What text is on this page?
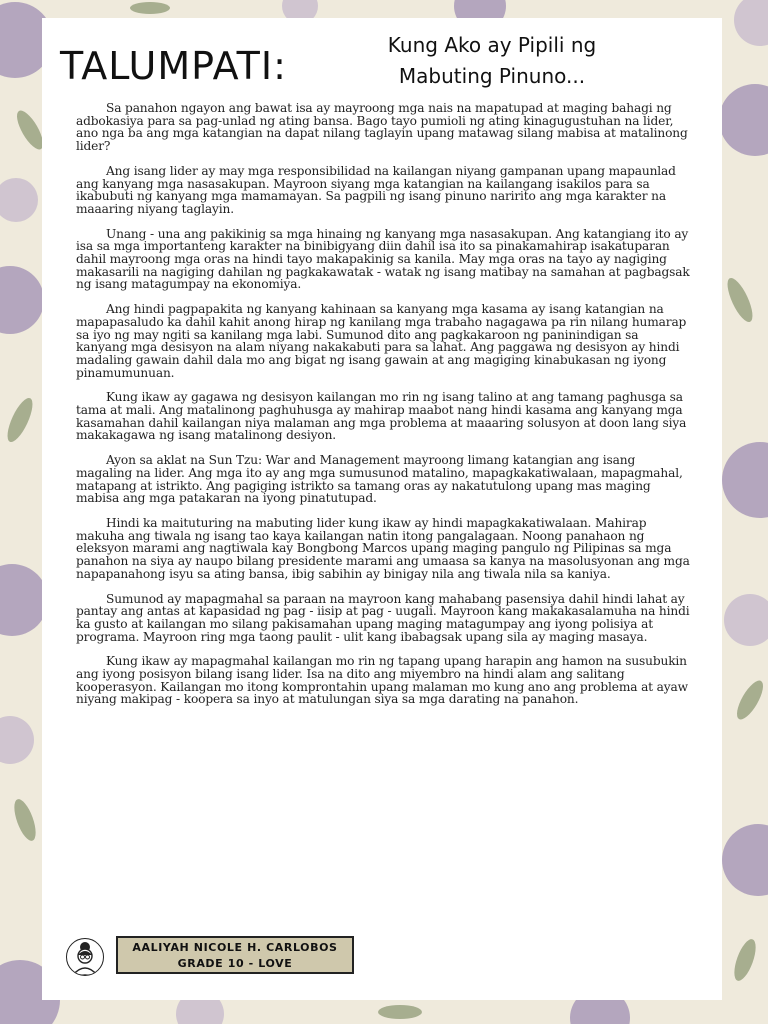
TALUMPATI:	Kung Ako ay Pipili ng
Mabuting Pinuno...

Sa panahon ngayon ang bawat isa ay mayroong mga nais na mapatupad at maging bahagi ng adbokasiya para sa pag-unlad ng ating bansa. Bago tayo pumioli ng ating kinagugustuhan na lider, ano nga ba ang mga katangian na dapat nilang taglayin upang matawag silang mabisa at matalinong lider?

Ang isang lider ay may mga responsibilidad na kailangan niyang gampanan upang mapaunlad ang kanyang mga nasasakupan. Mayroon siyang mga katangian na kailangang isakilos para sa ikabubuti ng kanyang mga mamamayan. Sa pagpili ng isang pinuno naririto ang mga karakter na maaaring niyang taglayin.

Unang - una ang pakikinig sa mga hinaing ng kanyang mga nasasakupan. Ang katangiang ito ay isa sa mga importanteng karakter na binibigyang diin dahil isa ito sa pinakamahirap isakatuparan dahil mayroong mga oras na hindi tayo makapakinig sa kanila. May mga oras na tayo ay nagiging makasarili na nagiging dahilan ng pagkakawatak - watak ng isang matibay na samahan at pagbagsak ng isang matagumpay na ekonomiya.

Ang hindi pagpapakita ng kanyang kahinaan sa kanyang mga kasama ay isang katangian na mapapasaludo ka dahil kahit anong hirap ng kanilang mga trabaho nagagawa pa rin nilang humarap sa iyo ng may ngiti sa kanilang mga labi. Sumunod dito ang pagkakaroon ng paninindigan sa kanyang mga desisyon na alam niyang nakakabuti para sa lahat. Ang paggawa ng desisyon ay hindi madaling gawain dahil dala mo ang bigat ng isang gawain at ang magiging kinabukasan ng iyong pinamumunuan.

Kung ikaw ay gagawa ng desisyon kailangan mo rin ng isang talino at ang tamang paghusga sa tama at mali. Ang matalinong paghuhusga ay mahirap maabot nang hindi kasama ang kanyang mga kasamahan dahil kailangan niya malaman ang mga problema at maaaring solusyon at doon lang siya makakagawa ng isang matalinong desiyon.

Ayon sa aklat na Sun Tzu: War and Management mayroong limang katangian ang isang magaling na lider. Ang mga ito ay ang mga sumusunod matalino, mapagkakatiwalaan, mapagmahal, matapang at istrikto. Ang pagiging istrikto sa tamang oras ay nakatutulong upang mas maging mabisa ang mga patakaran na iyong pinatutupad.

Hindi ka maituturing na mabuting lider kung ikaw ay hindi mapagkakatiwalaan. Mahirap makuha ang tiwala ng isang tao kaya kailangan natin itong pangalagaan. Noong panahaon ng eleksyon marami ang nagtiwala kay Bongbong Marcos upang maging pangulo ng Pilipinas sa mga panahon na siya ay naupo bilang presidente marami ang umaasa sa kanya na masolusyonan ang mga napapanahong isyu sa ating bansa, ibig sabihin ay binigay nila ang tiwala nila sa kaniya.

Sumunod ay mapagmahal sa paraan na mayroon kang mahabang pasensiya dahil hindi lahat ay pantay ang antas at kapasidad ng pag - iisip at pag - uugali. Mayroon kang makakasalamuha na hindi ka gusto at kailangan mo silang pakisamahan upang maging matagumpay ang iyong polisiya at programa. Mayroon ring mga taong paulit - ulit kang ibabagsak upang sila ay maging masaya.

Kung ikaw ay mapagmahal kailangan mo rin ng tapang upang harapin ang hamon na susubukin ang iyong posisyon bilang isang lider. Isa na dito ang miyembro na hindi alam ang salitang kooperasyon. Kailangan mo itong komprontahin upang malaman mo kung ano ang problema at ayaw niyang makipag - koopera sa inyo at matulungan siya sa mga darating na panahon.

AALIYAH NICOLE H. CARLOBOS
GRADE 10 - LOVE
